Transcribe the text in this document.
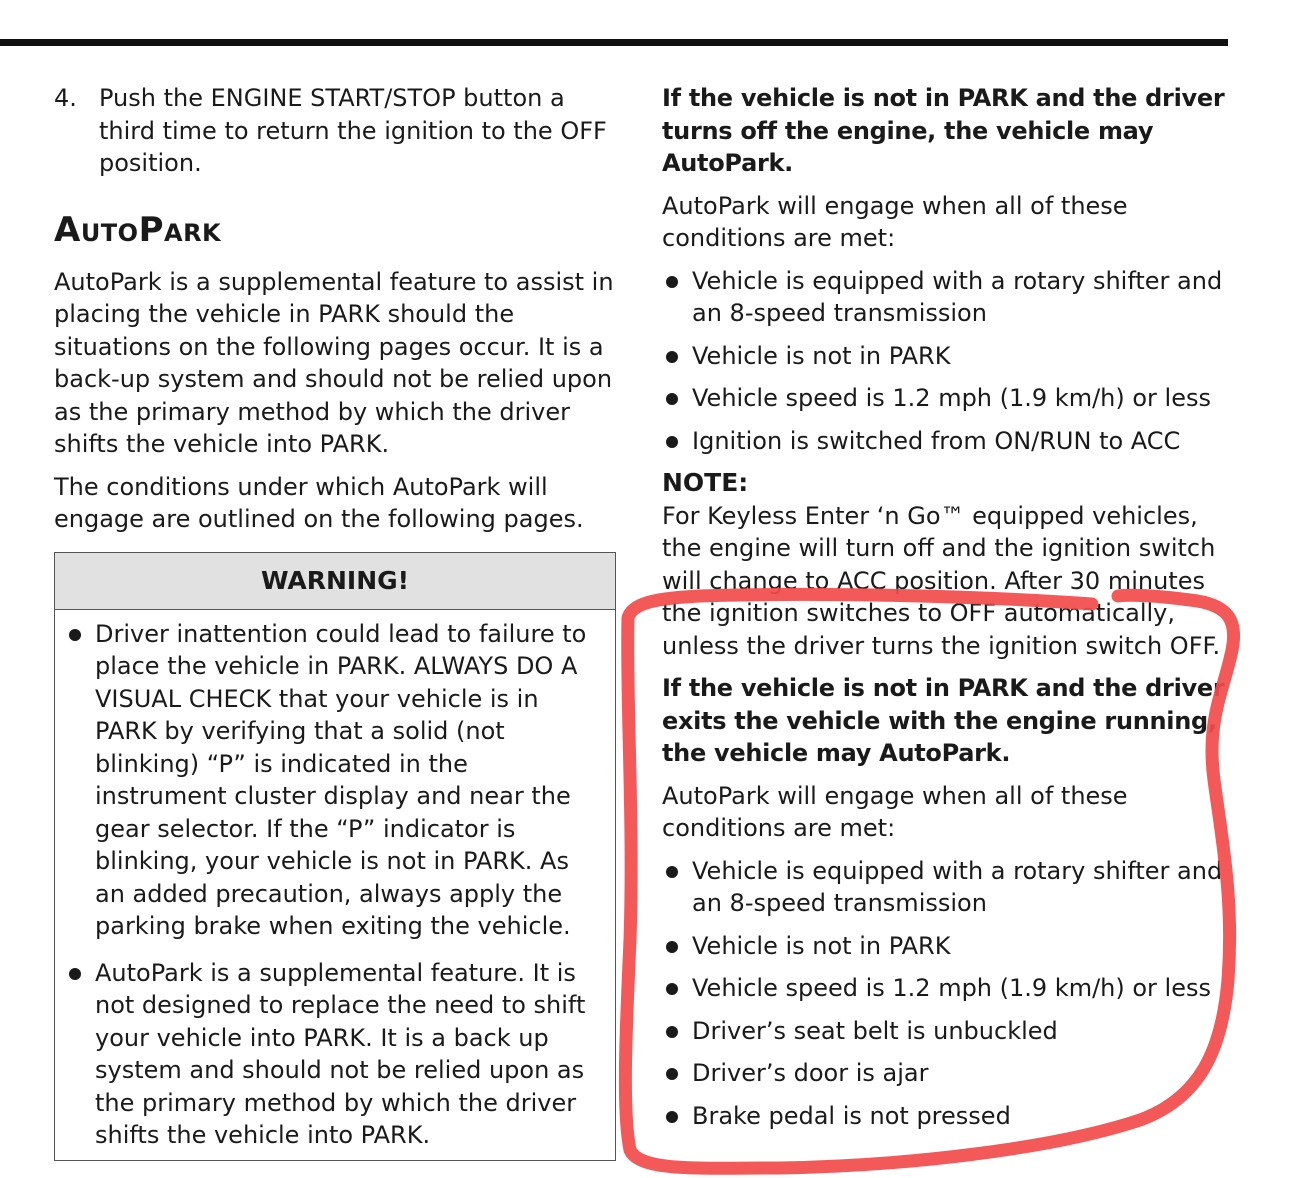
4. Push the ENGINE START/STOP button a third time to return the ignition to the OFF position.

AutoPark

AutoPark is a supplemental feature to assist in placing the vehicle in PARK should the situations on the following pages occur. It is a back-up system and should not be relied upon as the primary method by which the driver shifts the vehicle into PARK.

The conditions under which AutoPark will engage are outlined on the following pages.

WARNING!
Driver inattention could lead to failure to place the vehicle in PARK. ALWAYS DO A VISUAL CHECK that your vehicle is in PARK by verifying that a solid (not blinking) “P” is indicated in the instrument cluster display and near the gear selector. If the “P” indicator is blinking, your vehicle is not in PARK. As an added precaution, always apply the parking brake when exiting the vehicle.
AutoPark is a supplemental feature. It is not designed to replace the need to shift your vehicle into PARK. It is a back up system and should not be relied upon as the primary method by which the driver shifts the vehicle into PARK.

If the vehicle is not in PARK and the driver turns off the engine, the vehicle may AutoPark.

AutoPark will engage when all of these conditions are met:

Vehicle is equipped with a rotary shifter and an 8-speed transmission
Vehicle is not in PARK
Vehicle speed is 1.2 mph (1.9 km/h) or less
Ignition is switched from ON/RUN to ACC

NOTE:

For Keyless Enter ‘n Go™ equipped vehicles, the engine will turn off and the ignition switch will change to ACC position. After 30 minutes the ignition switches to OFF automatically, unless the driver turns the ignition switch OFF.

If the vehicle is not in PARK and the driver exits the vehicle with the engine running, the vehicle may AutoPark.

AutoPark will engage when all of these conditions are met:

Vehicle is equipped with a rotary shifter and an 8-speed transmission
Vehicle is not in PARK
Vehicle speed is 1.2 mph (1.9 km/h) or less
Driver’s seat belt is unbuckled
Driver’s door is ajar
Brake pedal is not pressed
